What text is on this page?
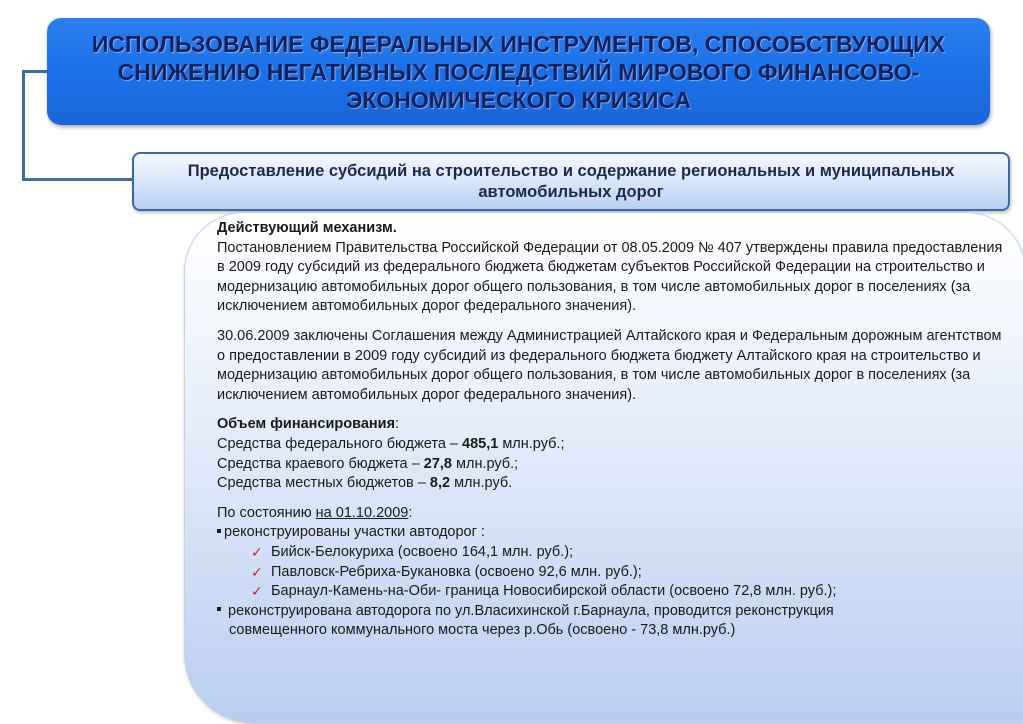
ИСПОЛЬЗОВАНИЕ ФЕДЕРАЛЬНЫХ ИНСТРУМЕНТОВ, СПОСОБСТВУЮЩИХ СНИЖЕНИЮ НЕГАТИВНЫХ ПОСЛЕДСТВИЙ МИРОВОГО ФИНАНСОВО-ЭКОНОМИЧЕСКОГО КРИЗИСА
Предоставление субсидий на строительство и содержание региональных и муниципальных автомобильных дорог
Действующий механизм.
Постановлением Правительства Российской Федерации от 08.05.2009 № 407 утверждены правила предоставления в 2009 году субсидий из федерального бюджета бюджетам субъектов Российской Федерации на строительство и модернизацию автомобильных дорог общего пользования, в том числе автомобильных дорог в поселениях (за исключением автомобильных дорог федерального значения).
30.06.2009 заключены Соглашения между Администрацией Алтайского края и Федеральным дорожным агентством о предоставлении в 2009 году субсидий из федерального бюджета бюджету Алтайского края на строительство и модернизацию автомобильных дорог общего пользования, в том числе автомобильных дорог в поселениях (за исключением автомобильных дорог федерального значения).
Объем финансирования:
Средства федерального бюджета – 485,1 млн.руб.;
Средства краевого бюджета – 27,8 млн.руб.;
Средства местных бюджетов – 8,2 млн.руб.
По состоянию на 01.10.2009:
реконструированы участки автодорог :
✓ Бийск-Белокуриха (освоено 164,1 млн. руб.);
✓ Павловск-Ребриха-Букановка (освоено 92,6 млн. руб.);
✓ Барнаул-Камень-на-Оби- граница Новосибирской области (освоено 72,8 млн. руб.);
реконструирована автодорога по ул.Власихинской г.Барнаула, проводится реконструкция
совмещенного коммунального моста через р.Обь (освоено - 73,8 млн.руб.)
